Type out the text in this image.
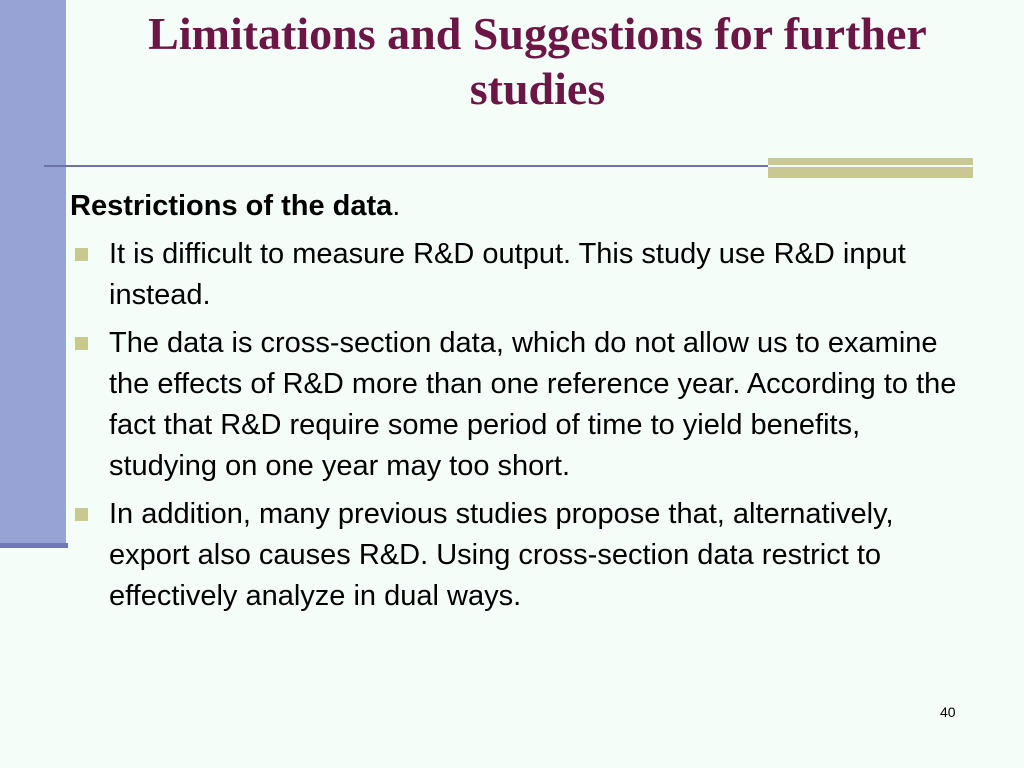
Limitations and Suggestions for further studies

Restrictions of the data.

It is difficult to measure R&D output. This study use R&D input instead.
The data is cross-section data, which do not allow us to examine the effects of R&D more than one reference year. According to the fact that R&D require some period of time to yield benefits, studying on one year may too short.
In addition, many previous studies propose that, alternatively, export also causes R&D. Using cross-section data restrict to effectively analyze in dual ways.
40
